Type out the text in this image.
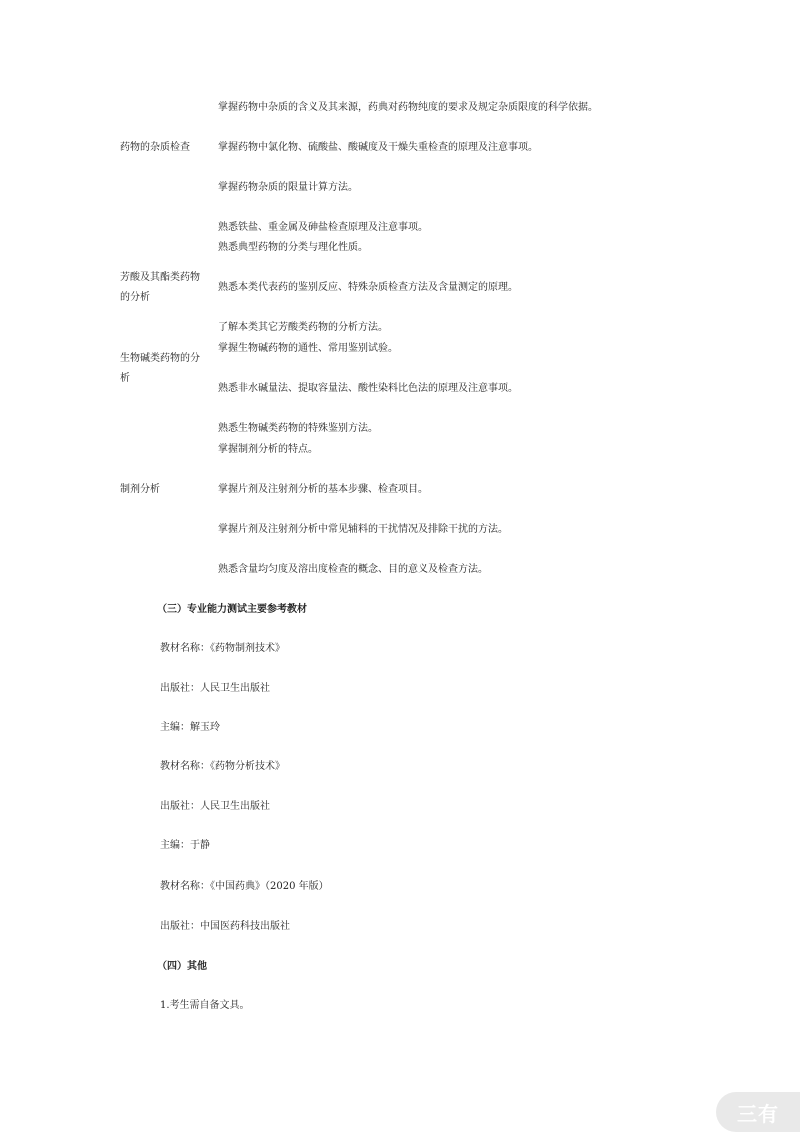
药物的杂质检查
芳酸及其酯类药物
的分析
生物碱类药物的分
析
制剂分析
掌握药物中杂质的含义及其来源，药典对药物纯度的要求及规定杂质限度的科学依据。
掌握药物中氯化物、硫酸盐、酸碱度及干燥失重检查的原理及注意事项。
掌握药物杂质的限量计算方法。
熟悉铁盐、重金属及砷盐检查原理及注意事项。
熟悉典型药物的分类与理化性质。
熟悉本类代表药的鉴别反应、特殊杂质检查方法及含量测定的原理。
了解本类其它芳酸类药物的分析方法。
掌握生物碱药物的通性、常用鉴别试验。
熟悉非水碱量法、提取容量法、酸性染料比色法的原理及注意事项。
熟悉生物碱类药物的特殊鉴别方法。
掌握制剂分析的特点。
掌握片剂及注射剂分析的基本步骤、检查项目。
掌握片剂及注射剂分析中常见辅料的干扰情况及排除干扰的方法。
熟悉含量均匀度及溶出度检查的概念、目的意义及检查方法。
（三）专业能力测试主要参考教材
教材名称：《药物制剂技术》
出版社：人民卫生出版社
主编：解玉玲
教材名称：《药物分析技术》
出版社：人民卫生出版社
主编：于静
教材名称：《中国药典》（2020 年版）
出版社：中国医药科技出版社
（四）其他
1.考生需自备文具。
三有
